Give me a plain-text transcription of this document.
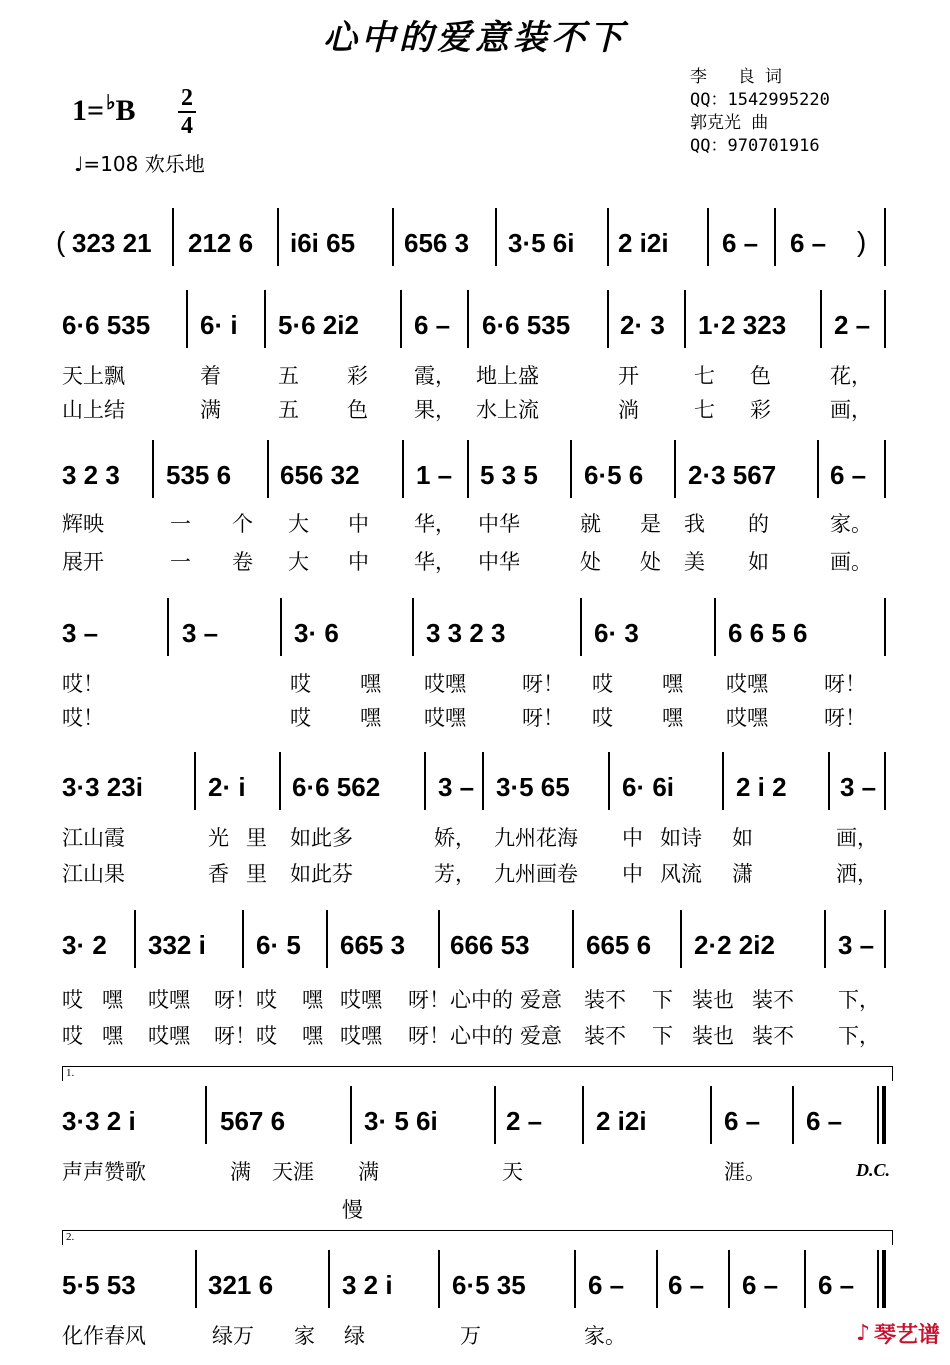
心中的爱意装不下
1= ♭B 2
4
♩=108 欢乐地
李   良 词
QQ：1542995220
郭克光 曲
QQ：970701916
( 323 21 212 6 i6i 65 656 3 3·5 6i 2 i2i 6 – 6 – )
6·6 535 6· i 5·6 2i2 6 – 6·6 535 2· 3 1·2 323 2 –
天上飘	着	五 彩 霞， 地上盛	开	七 色	花，
山上结	满	五 色 果， 水上流	淌	七 彩	画，
3 2 3 535 6 656 32 1 – 5 3 5 6·5 6 2·3 567 6 –
辉映	一 个 大 中 华， 中华	就 是 我 的	家。
展开	一 卷 大 中 华， 中华	处 处 美 如	画。
3 –	3 –	3· 6	3 3 2 3	6· 3	6 6 5 6
哎！	哎 嘿 哎嘿	呀！ 哎 嘿 哎嘿	呀！
哎！	哎 嘿 哎嘿	呀！ 哎 嘿 哎嘿	呀！
3·3 23i	2· i 6·6 562 3 – 3·5 65 6· 6i 2 i 2 3 –
江山霞	光 里 如此多	娇， 九州花海 中 如诗 如	画，
江山果	香 里 如此芬	芳， 九州画卷 中 风流 潇	洒，
3· 2 332 i 6· 5 665 3 666 53 665 6 2·2 2i2 3 –
哎 嘿 哎嘿 呀！哎 嘿 哎嘿 呀！心中的 爱意 装不 下 装也 装不 下，
哎 嘿 哎嘿 呀！哎 嘿 哎嘿 呀！心中的 爱意 装不 下 装也 装不 下，
1.
3·3 2 i	567 6	3· 5 6i	2 – 2 i2i	6 – 6 –
声声赞歌	满 天涯 满	天	涯。	D.C.
慢
2.
5·5 53	321 6	3 2 i 6·5 35 6 – 6 – 6 – 6 –
化作春风	绿万 家 绿	万	家。	♪ 琴艺谱
